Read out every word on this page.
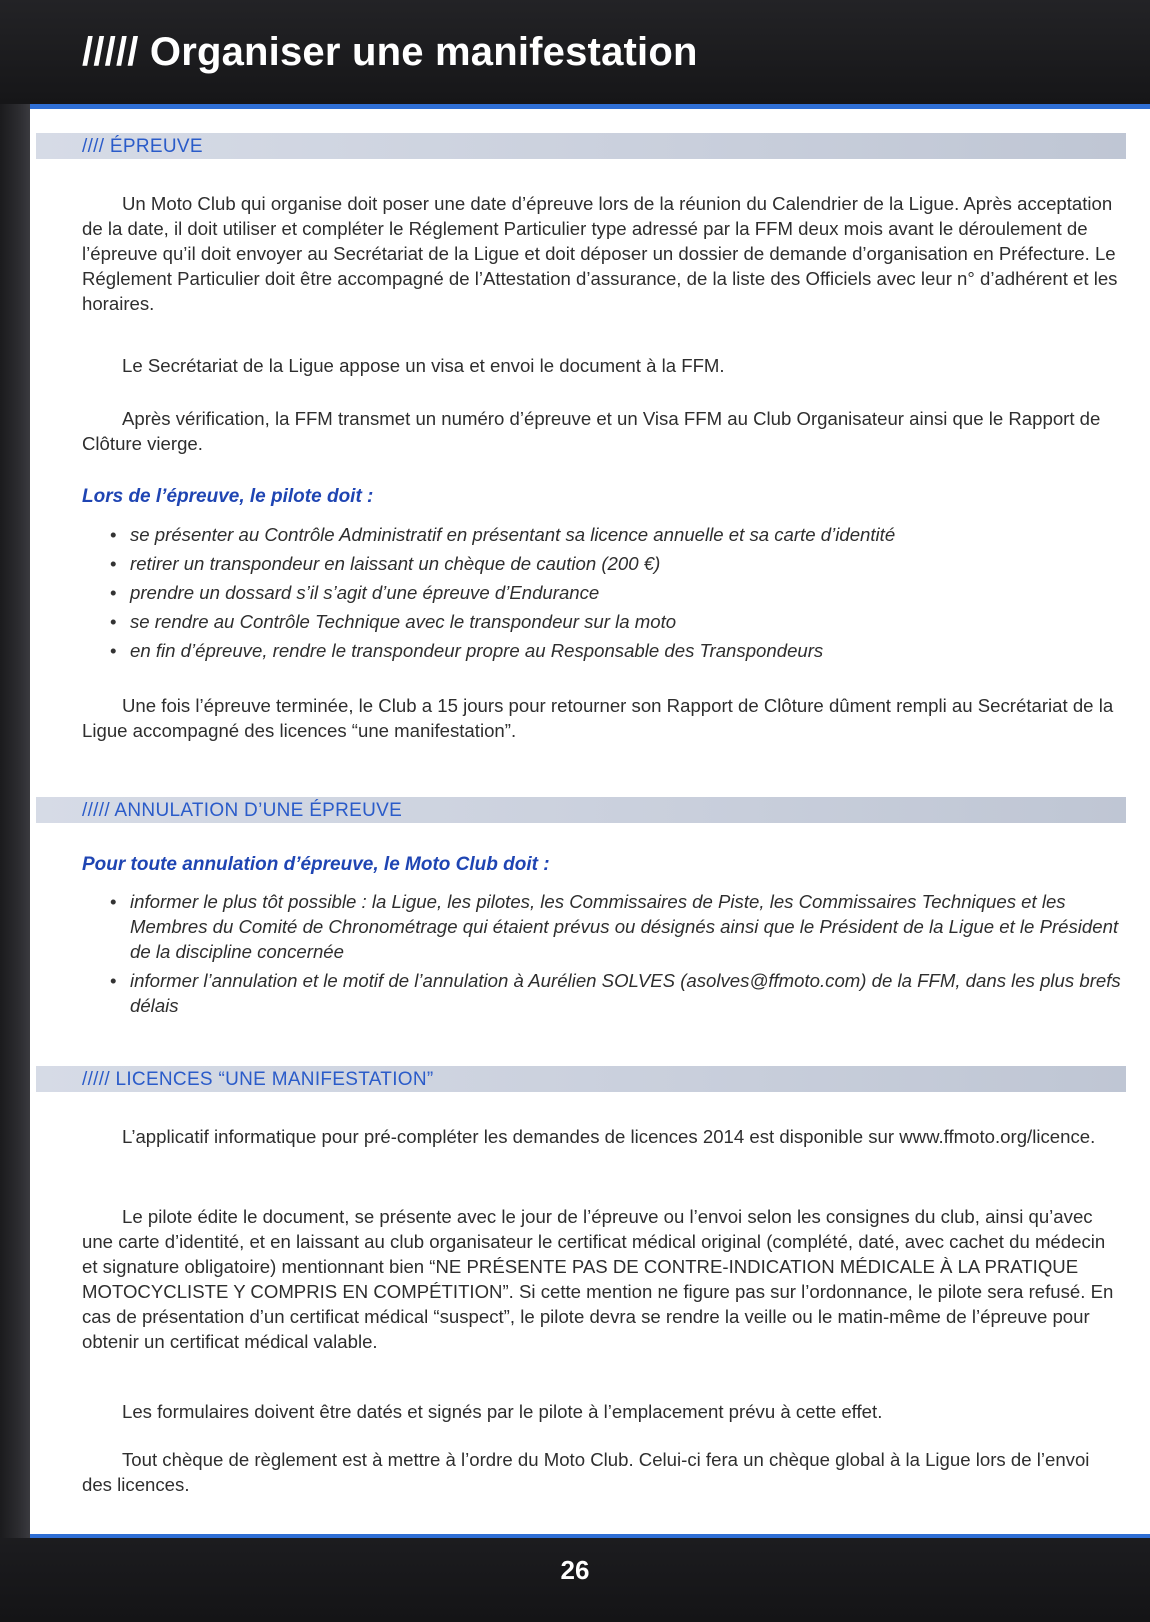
///// Organiser une manifestation
//// ÉPREUVE

Un Moto Club qui organise doit poser une date d’épreuve lors de la réunion du Calendrier de la Ligue. Après acceptation de la date, il doit utiliser et compléter le Réglement Particulier type adressé par la FFM deux mois avant le déroulement de l’épreuve qu’il doit envoyer au Secrétariat de la Ligue et doit déposer un dossier de demande d’organisation en Préfecture. Le Réglement Particulier doit être accompagné de l’Attestation d’assurance, de la liste des Officiels avec leur n° d’adhérent et les horaires.

Le Secrétariat de la Ligue appose un visa et envoi le document à la FFM.

Après vérification, la FFM transmet un numéro d’épreuve et un Visa FFM au Club Organisateur ainsi que le Rapport de Clôture vierge.

Lors de l’épreuve, le pilote doit :
• se présenter au Contrôle Administratif en présentant sa licence annuelle et sa carte d’identité
• retirer un transpondeur en laissant un chèque de caution (200 €)
• prendre un dossard s’il s’agit d’une épreuve d’Endurance
• se rendre au Contrôle Technique avec le transpondeur sur la moto
• en fin d’épreuve, rendre le transpondeur propre au Responsable des Transpondeurs

Une fois l’épreuve terminée, le Club a 15 jours pour retourner son Rapport de Clôture dûment rempli au Secrétariat de la Ligue accompagné des licences “une manifestation”.

///// ANNULATION D’UNE ÉPREUVE
Pour toute annulation d’épreuve, le Moto Club doit :
• informer le plus tôt possible : la Ligue, les pilotes, les Commissaires de Piste, les Commissaires Techniques et les Membres du Comité de Chronométrage qui étaient prévus ou désignés ainsi que le Président de la Ligue et le Président de la discipline concernée
• informer l’annulation et le motif de l’annulation à Aurélien SOLVES (asolves@ffmoto.com) de la FFM, dans les plus brefs délais
///// LICENCES “UNE MANIFESTATION”

L’applicatif informatique pour pré-compléter les demandes de licences 2014 est disponible sur www.ffmoto.org/licence.

Le pilote édite le document, se présente avec le jour de l’épreuve ou l’envoi selon les consignes du club, ainsi qu’avec une carte d’identité, et en laissant au club organisateur le certificat médical original (complété, daté, avec cachet du médecin et signature obligatoire) mentionnant bien “NE PRÉSENTE PAS DE CONTRE-INDICATION MÉDICALE À LA PRATIQUE MOTOCYCLISTE Y COMPRIS EN COMPÉTITION”. Si cette mention ne figure pas sur l’ordonnance, le pilote sera refusé. En cas de présentation d’un certificat médical “suspect”, le pilote devra se rendre la veille ou le matin-même de l’épreuve pour obtenir un certificat médical valable.

Les formulaires doivent être datés et signés par le pilote à l’emplacement prévu à cette effet.

Tout chèque de règlement est à mettre à l’ordre du Moto Club. Celui-ci fera un chèque global à la Ligue lors de l’envoi des licences.

26
